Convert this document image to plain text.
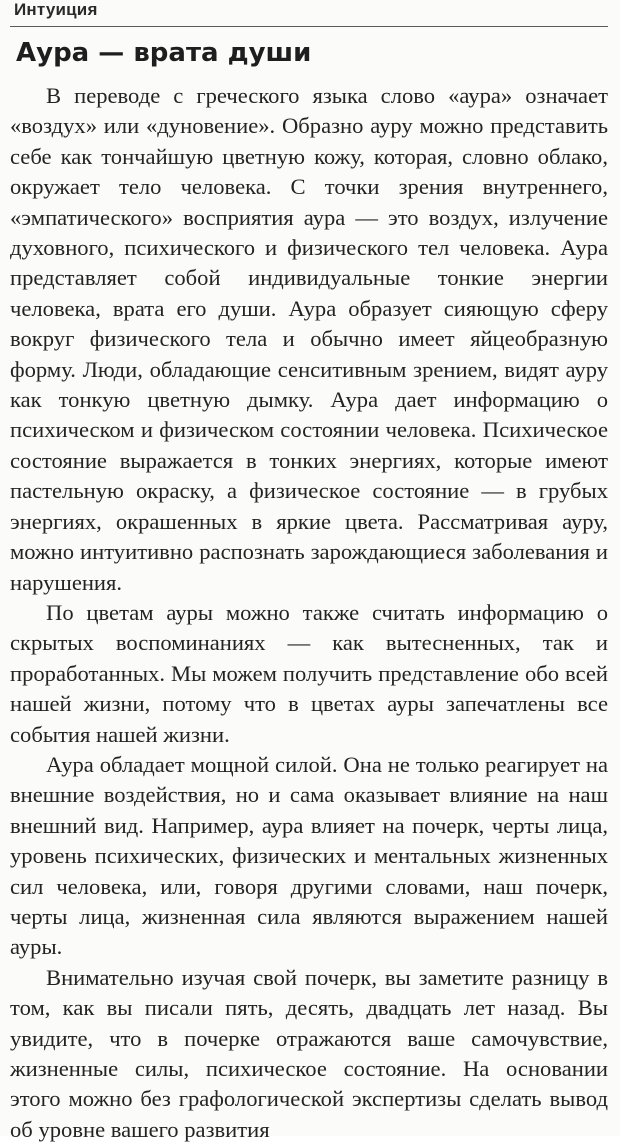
Интуиция
Аура — врата души

В переводе с греческого языка слово «аура» означает «воздух» или «дуновение». Образно ауру можно представить себе как тончайшую цветную кожу, которая, словно облако, окружает тело человека. С точки зрения внутреннего, «эмпатического» восприятия аура — это воздух, излучение духовного, психического и физического тел человека. Аура представляет собой индивидуальные тонкие энергии человека, врата его души. Аура образует сияющую сферу вокруг физического тела и обычно имеет яйцеобразную форму. Люди, обладающие сенситивным зрением, видят ауру как тонкую цветную дымку. Аура дает информацию о психическом и физическом состоянии человека. Психическое состояние выражается в тонких энергиях, которые имеют пастельную окраску, а физическое состояние — в грубых энергиях, окрашенных в яркие цвета. Рассматривая ауру, можно интуитивно распознать зарождающиеся заболевания и нарушения.

По цветам ауры можно также считать информацию о скрытых воспоминаниях — как вытесненных, так и проработанных. Мы можем получить представление обо всей нашей жизни, потому что в цветах ауры запечатлены все события нашей жизни.

Аура обладает мощной силой. Она не только реагирует на внешние воздействия, но и сама оказывает влияние на наш внешний вид. Например, аура влияет на почерк, черты лица, уровень психических, физических и ментальных жизненных сил человека, или, говоря другими словами, наш почерк, черты лица, жизненная сила являются выражением нашей ауры.

Внимательно изучая свой почерк, вы заметите разницу в том, как вы писали пять, десять, двадцать лет назад. Вы увидите, что в почерке отражаются ваше самочувствие, жизненные силы, психическое состояние. На основании этого можно без графологической экспертизы сделать вывод об уровне вашего развития
